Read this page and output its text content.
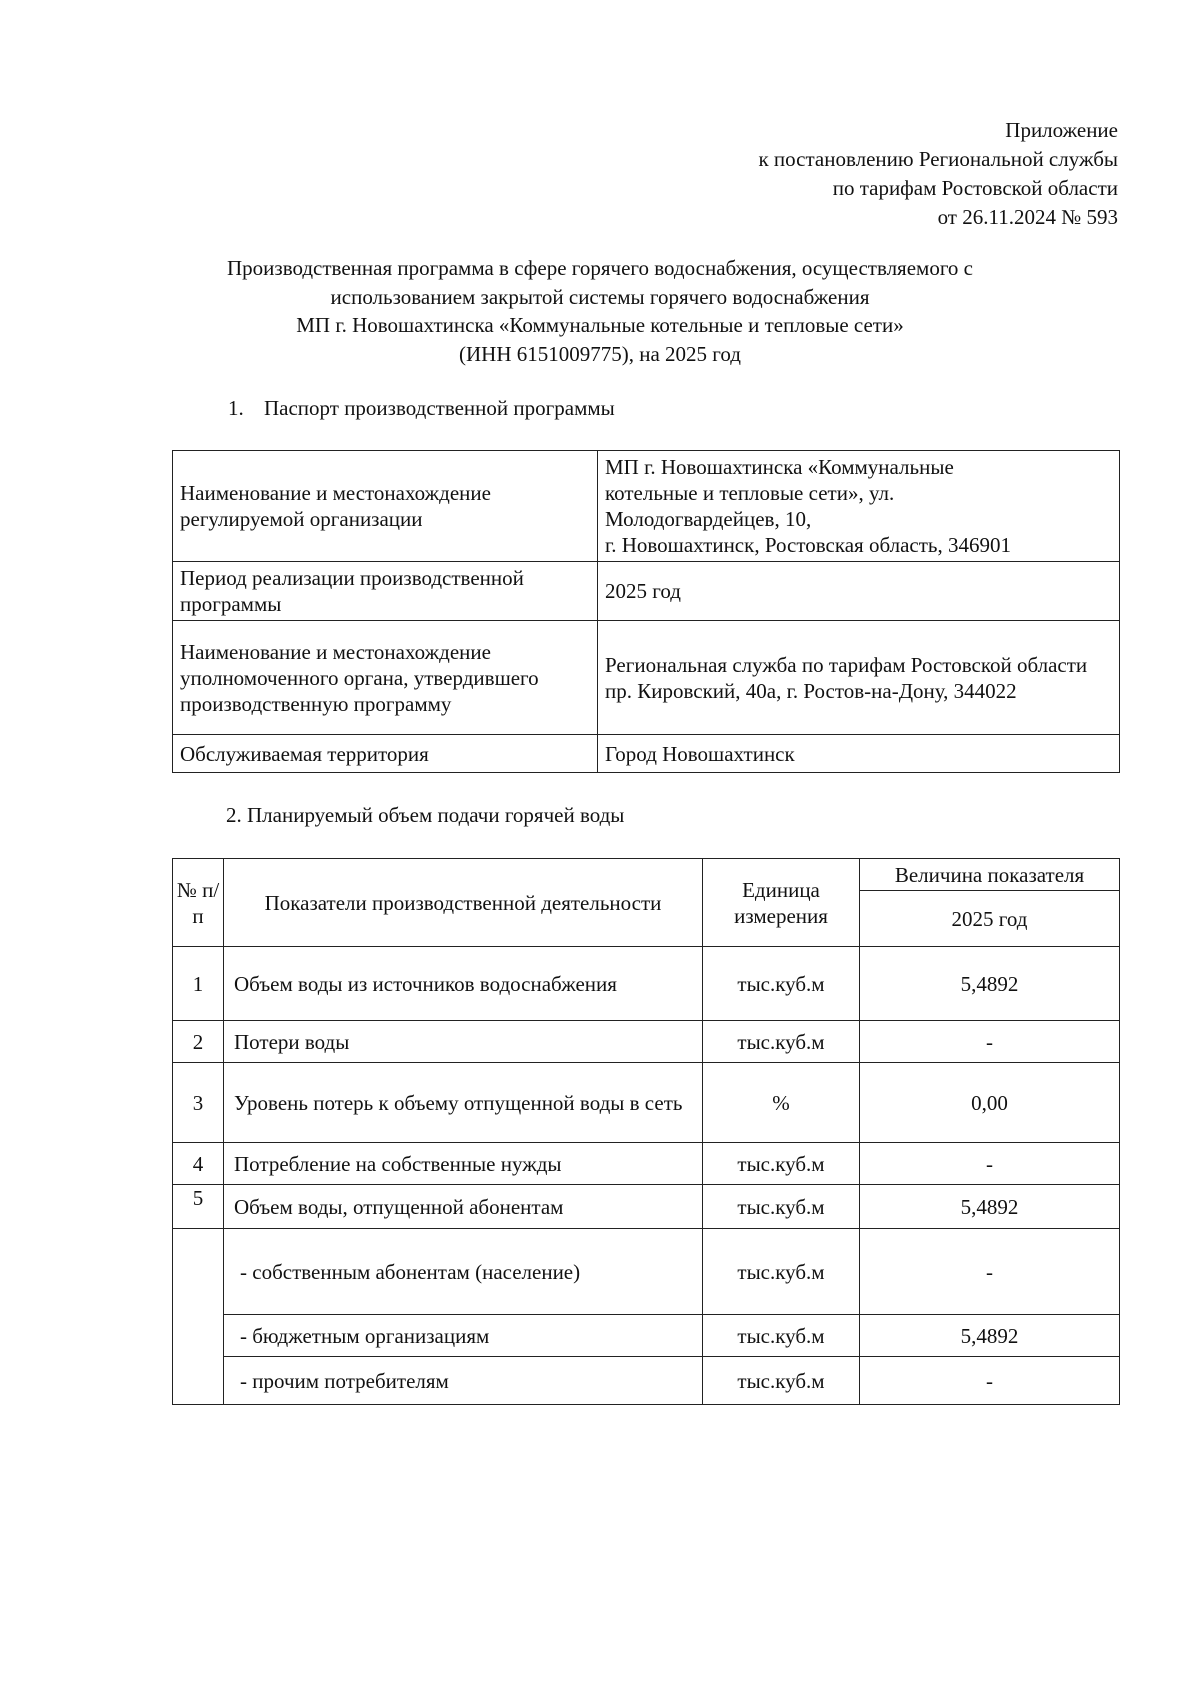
Приложение
к постановлению Региональной службы
по тарифам Ростовской области
от 26.11.2024 № 593
Производственная программа в сфере горячего водоснабжения, осуществляемого с
использованием закрытой системы горячего водоснабжения
МП г. Новошахтинска «Коммунальные котельные и тепловые сети»
(ИНН 6151009775), на 2025 год
1. Паспорт производственной программы
Наименование и местонахождение регулируемой организации	МП г. Новошахтинска «Коммунальные
котельные и тепловые сети», ул.
Молодогвардейцев, 10,
г. Новошахтинск, Ростовская область, 346901

Период реализации производственной программы	2025 год

Наименование и местонахождение уполномоченного органа, утвердившего производственную программу	Региональная служба по тарифам Ростовской области
пр. Кировский, 40а, г. Ростов-на-Дону, 344022

Обслуживаемая территория	Город Новошахтинск
2. Планируемый объем подачи горячей воды
№ п/п	Показатели производственной деятельности	Единица измерения	Величина показателя
			2025 год
1	Объем воды из источников водоснабжения	тыс.куб.м	5,4892
2	Потери воды	тыс.куб.м	-
3	Уровень потерь к объему отпущенной воды в сеть	%	0,00
4	Потребление на собственные нужды	тыс.куб.м	-
5	Объем воды, отпущенной абонентам	тыс.куб.м	5,4892
	- собственным абонентам (население)	тыс.куб.м	-
	- бюджетным организациям	тыс.куб.м	5,4892
	- прочим потребителям	тыс.куб.м	-
